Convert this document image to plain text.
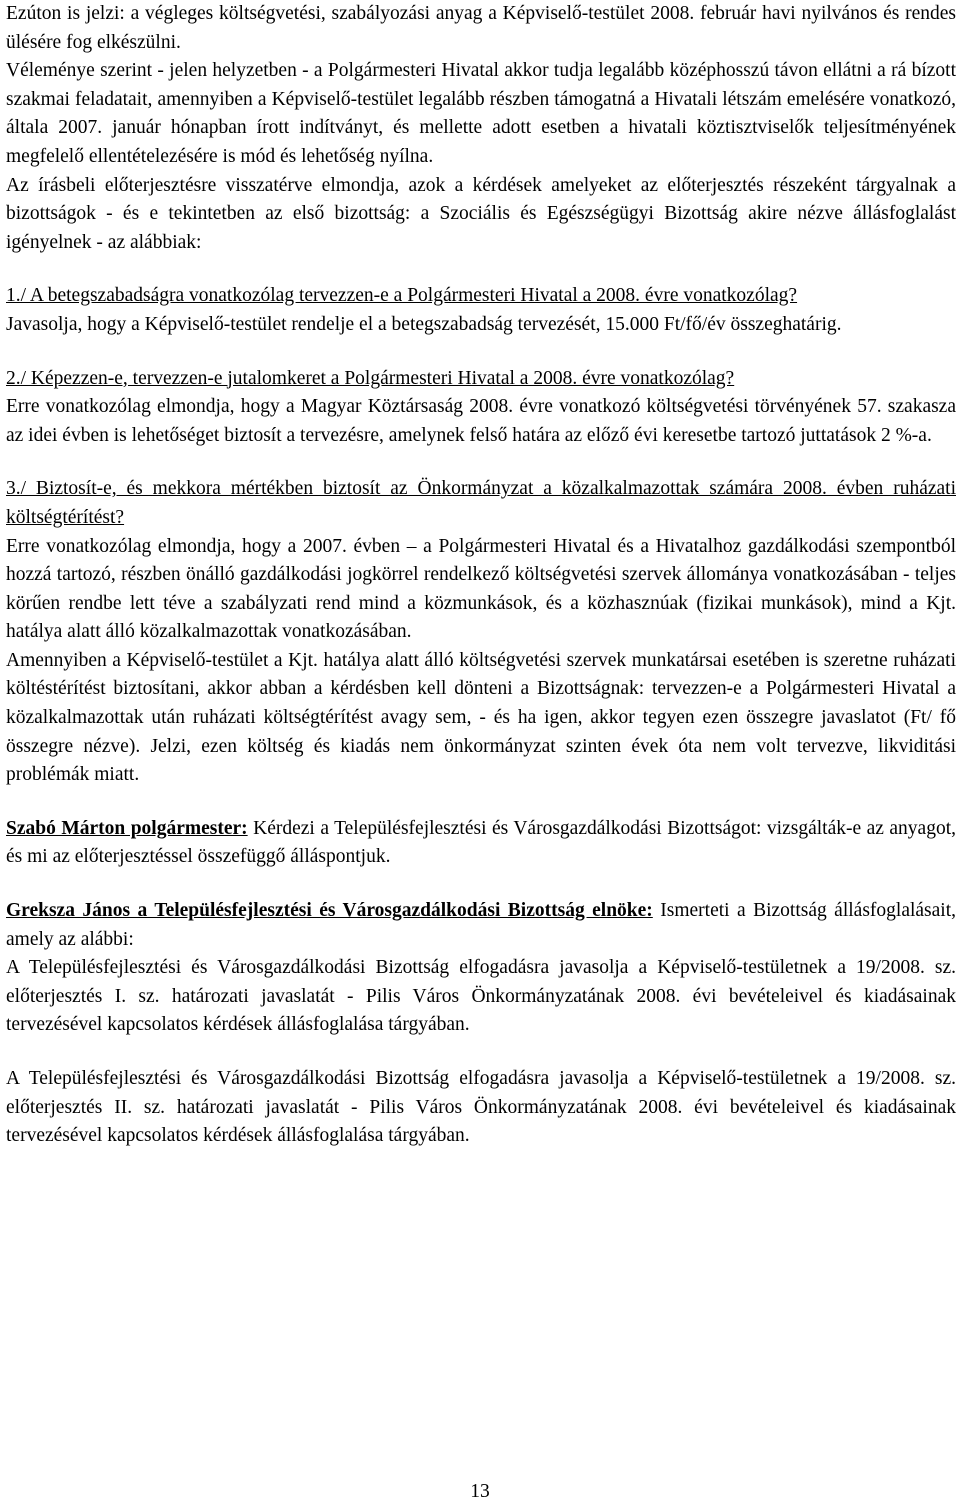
Ezúton is jelzi: a végleges költségvetési, szabályozási anyag a Képviselő-testület 2008. február havi nyilvános és rendes ülésére fog elkészülni.

Véleménye szerint - jelen helyzetben - a Polgármesteri Hivatal akkor tudja legalább középhosszú távon ellátni a rá bízott szakmai feladatait, amennyiben a Képviselő-testület legalább részben támogatná a Hivatali létszám emelésére vonatkozó, általa 2007. január hónapban írott indítványt, és mellette adott esetben a hivatali köztisztviselők teljesítményének megfelelő ellentételezésére is mód és lehetőség nyílna.

Az írásbeli előterjesztésre visszatérve elmondja, azok a kérdések amelyeket az előterjesztés részeként tárgyalnak a bizottságok - és e tekintetben az első bizottság: a Szociális és Egészségügyi Bizottság akire nézve állásfoglalást igényelnek - az alábbiak:

1./ A betegszabadságra vonatkozólag tervezzen-e a Polgármesteri Hivatal a 2008. évre vonatkozólag?

Javasolja, hogy a Képviselő-testület rendelje el a betegszabadság tervezését, 15.000 Ft/fő/év összeghatárig.

2./ Képezzen-e, tervezzen-e jutalomkeret a Polgármesteri Hivatal a 2008. évre vonatkozólag?

Erre vonatkozólag elmondja, hogy a Magyar Köztársaság 2008. évre vonatkozó költségvetési törvényének 57. szakasza az idei évben is lehetőséget biztosít a tervezésre, amelynek felső határa az előző évi keresetbe tartozó juttatások 2 %-a.

3./ Biztosít-e, és mekkora mértékben biztosít az Önkormányzat a közalkalmazottak számára 2008. évben ruházati költségtérítést?

Erre vonatkozólag elmondja, hogy a 2007. évben – a Polgármesteri Hivatal és a Hivatalhoz gazdálkodási szempontból hozzá tartozó, részben önálló gazdálkodási jogkörrel rendelkező költségvetési szervek állománya vonatkozásában - teljes körűen rendbe lett téve a szabályzati rend mind a közmunkások, és a közhasznúak (fizikai munkások), mind a Kjt. hatálya alatt álló közalkalmazottak vonatkozásában.

Amennyiben a Képviselő-testület a Kjt. hatálya alatt álló költségvetési szervek munkatársai esetében is szeretne ruházati költéstérítést biztosítani, akkor abban a kérdésben kell dönteni a Bizottságnak: tervezzen-e a Polgármesteri Hivatal a közalkalmazottak után ruházati költségtérítést avagy sem, - és ha igen, akkor tegyen ezen összegre javaslatot (Ft/ fő összegre nézve). Jelzi, ezen költség és kiadás nem önkormányzat szinten évek óta nem volt tervezve, likviditási problémák miatt.

Szabó Márton polgármester: Kérdezi a Településfejlesztési és Városgazdálkodási Bizottságot: vizsgálták-e az anyagot, és mi az előterjesztéssel összefüggő álláspontjuk.

Greksza János a Településfejlesztési és Városgazdálkodási Bizottság elnöke: Ismerteti a Bizottság állásfoglalásait, amely az alábbi:

A Településfejlesztési és Városgazdálkodási Bizottság elfogadásra javasolja a Képviselő-testületnek a 19/2008. sz. előterjesztés I. sz. határozati javaslatát - Pilis Város Önkormányzatának 2008. évi bevételeivel és kiadásainak tervezésével kapcsolatos kérdések állásfoglalása tárgyában.

A Településfejlesztési és Városgazdálkodási Bizottság elfogadásra javasolja a Képviselő-testületnek a 19/2008. sz. előterjesztés II. sz. határozati javaslatát - Pilis Város Önkormányzatának 2008. évi bevételeivel és kiadásainak tervezésével kapcsolatos kérdések állásfoglalása tárgyában.

13
